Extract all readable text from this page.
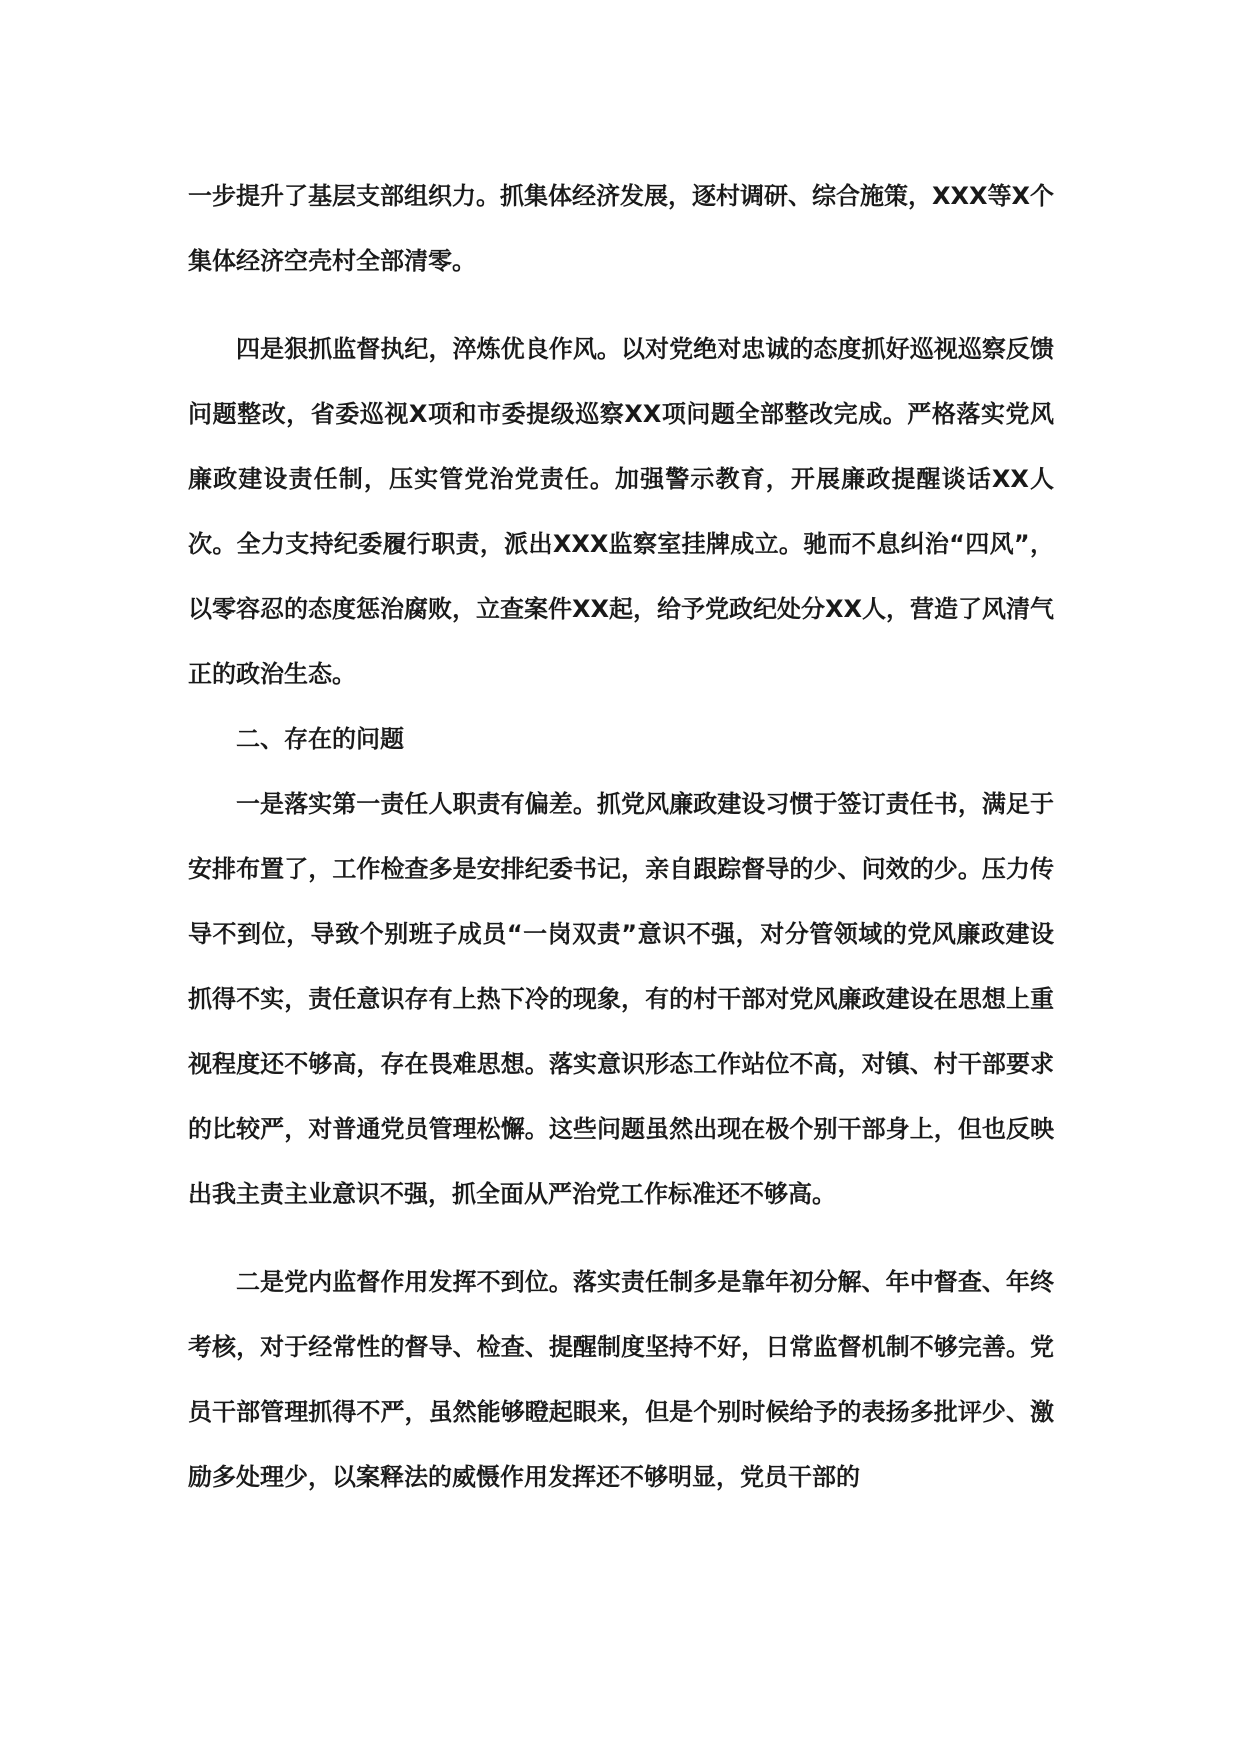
一步提升了基层支部组织力。抓集体经济发展，逐村调研、综合施策，XXX等X个集体经济空壳村全部清零。

四是狠抓监督执纪，淬炼优良作风。以对党绝对忠诚的态度抓好巡视巡察反馈问题整改，省委巡视X项和市委提级巡察XX项问题全部整改完成。严格落实党风廉政建设责任制，压实管党治党责任。加强警示教育，开展廉政提醒谈话XX人次。全力支持纪委履行职责，派出XXX监察室挂牌成立。驰而不息纠治“四风”，以零容忍的态度惩治腐败，立查案件XX起，给予党政纪处分XX人，营造了风清气正的政治生态。

二、存在的问题

一是落实第一责任人职责有偏差。抓党风廉政建设习惯于签订责任书，满足于安排布置了，工作检查多是安排纪委书记，亲自跟踪督导的少、问效的少。压力传导不到位，导致个别班子成员“一岗双责”意识不强，对分管领域的党风廉政建设抓得不实，责任意识存有上热下冷的现象，有的村干部对党风廉政建设在思想上重视程度还不够高，存在畏难思想。落实意识形态工作站位不高，对镇、村干部要求的比较严，对普通党员管理松懈。这些问题虽然出现在极个别干部身上，但也反映出我主责主业意识不强，抓全面从严治党工作标准还不够高。

二是党内监督作用发挥不到位。落实责任制多是靠年初分解、年中督查、年终考核，对于经常性的督导、检查、提醒制度坚持不好，日常监督机制不够完善。党员干部管理抓得不严，虽然能够瞪起眼来，但是个别时候给予的表扬多批评少、激励多处理少，以案释法的威慑作用发挥还不够明显，党员干部的
